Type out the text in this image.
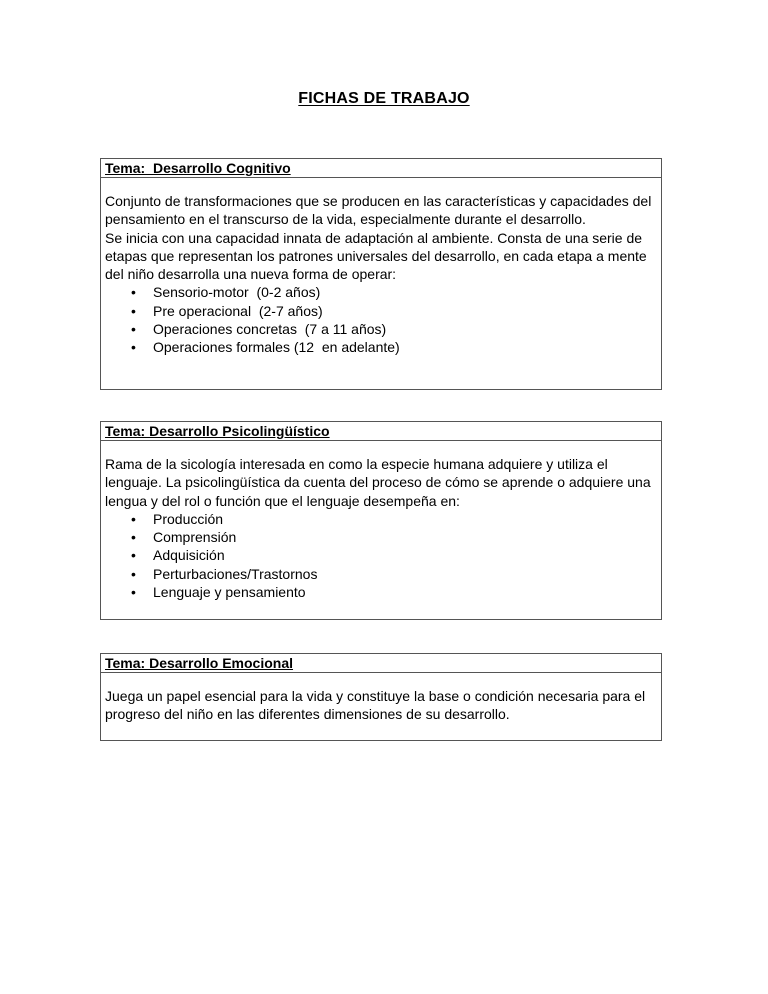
FICHAS DE TRABAJO
Tema:  Desarrollo Cognitivo

Conjunto de transformaciones que se producen en las características y capacidades del pensamiento en el transcurso de la vida, especialmente durante el desarrollo.

Se inicia con una capacidad innata de adaptación al ambiente. Consta de una serie de etapas que representan los patrones universales del desarrollo, en cada etapa a mente del niño desarrolla una nueva forma de operar:

• Sensorio-motor  (0-2 años)
• Pre operacional  (2-7 años)
• Operaciones concretas  (7 a 11 años)
• Operaciones formales (12  en adelante)
Tema: Desarrollo Psicolingüístico

Rama de la sicología interesada en como la especie humana adquiere y utiliza el lenguaje. La psicolingüística da cuenta del proceso de cómo se aprende o adquiere una lengua y del rol o función que el lenguaje desempeña en:

• Producción
• Comprensión
• Adquisición
• Perturbaciones/Trastornos
• Lenguaje y pensamiento
Tema: Desarrollo Emocional

Juega un papel esencial para la vida y constituye la base o condición necesaria para el progreso del niño en las diferentes dimensiones de su desarrollo.
